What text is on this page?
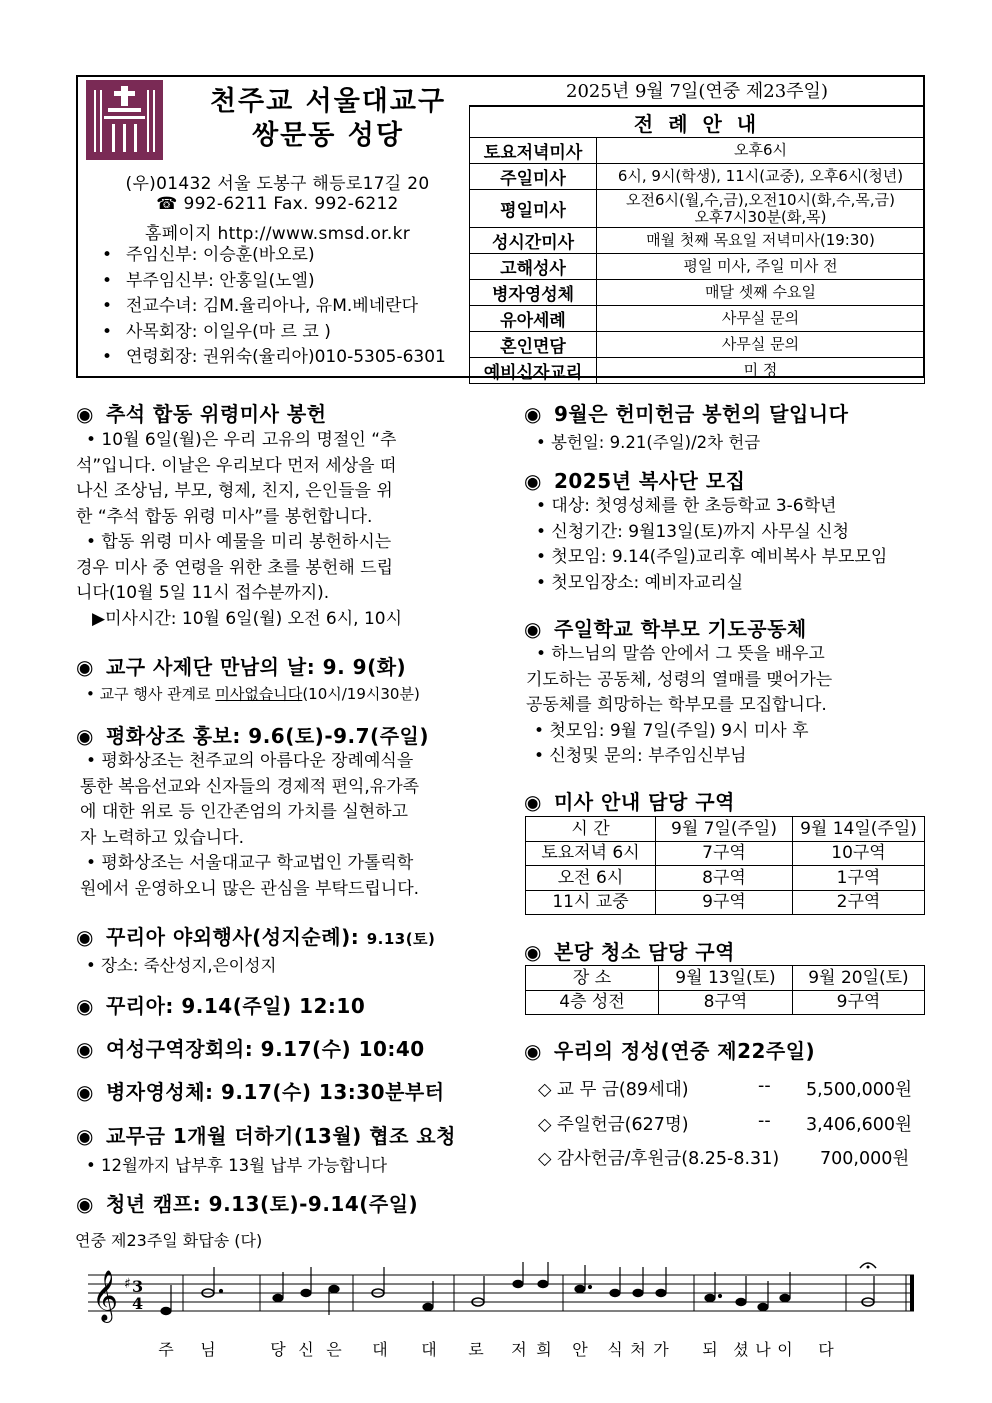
천주교 서울대교구
쌍문동 성당
(우)01432 서울 도봉구 해등로17길 20
☎ 992-6211 Fax. 992-6212
홈페이지 http://www.smsd.or.kr
• 주임신부: 이승훈(바오로)
• 부주임신부: 안홍일(노엘)
• 전교수녀: 김M.율리아나, 유M.베네란다
• 사목회장: 이일우(마 르 코 )
• 연령회장: 권위숙(율리아)010-5305-6301
2025년 9월 7일(연중 제23주일)
전 례 안 내	
토요저녁미사	오후6시
주일미사	6시, 9시(학생), 11시(교중), 오후6시(청년)
평일미사	오전6시(월,수,금),오전10시(화,수,목,금)
오후7시30분(화,목)

성시간미사	매월 첫째 목요일 저녁미사(19:30)
고해성사	평일 미사, 주일 미사 전
병자영성체	매달 셋째 수요일
유아세례	사무실 문의
혼인면담	사무실 문의
예비신자교리	미 정
◉ 추석 합동 위령미사 봉헌
• 10월 6일(월)은 우리 고유의 명절인 “추
석”입니다. 이날은 우리보다 먼저 세상을 떠
나신 조상님, 부모, 형제, 친지, 은인들을 위
한 “추석 합동 위령 미사”를 봉헌합니다.
• 합동 위령 미사 예물을 미리 봉헌하시는
경우 미사 중 연령을 위한 초를 봉헌해 드립
니다(10월 5일 11시 접수분까지).
▶미사시간: 10월 6일(월) 오전 6시, 10시
◉ 교구 사제단 만남의 날: 9. 9(화)
• 교구 행사 관계로 미사없습니다(10시/19시30분)
◉ 평화상조 홍보: 9.6(토)-9.7(주일)
• 평화상조는 천주교의 아름다운 장례예식을
통한 복음선교와 신자들의 경제적 편익,유가족
에 대한 위로 등 인간존엄의 가치를 실현하고
자 노력하고 있습니다.
• 평화상조는 서울대교구 학교법인 가톨릭학
원에서 운영하오니 많은 관심을 부탁드립니다.
◉ 꾸리아 야외행사(성지순례): 9.13(토)
• 장소: 죽산성지,은이성지
◉ 꾸리아: 9.14(주일) 12:10
◉ 여성구역장회의: 9.17(수) 10:40
◉ 병자영성체: 9.17(수) 13:30분부터
◉ 교무금 1개월 더하기(13월) 협조 요청
• 12월까지 납부후 13월 납부 가능합니다
◉ 청년 캠프: 9.13(토)-9.14(주일)
◉ 9월은 헌미헌금 봉헌의 달입니다
• 봉헌일: 9.21(주일)/2차 헌금
◉ 2025년 복사단 모집
• 대상: 첫영성체를 한 초등학교 3-6학년
• 신청기간: 9월13일(토)까지 사무실 신청
• 첫모임: 9.14(주일)교리후 예비복사 부모모임
• 첫모임장소: 예비자교리실
◉ 주일학교 학부모 기도공동체
• 하느님의 말씀 안에서 그 뜻을 배우고
기도하는 공동체, 성령의 열매를 맺어가는
공동체를 희망하는 학부모를 모집합니다.
• 첫모임: 9월 7일(주일) 9시 미사 후
• 신청및 문의: 부주임신부님
◉ 미사 안내 담당 구역
시 간	9월 7일(주일)	9월 14일(주일)
토요저녁 6시	7구역	10구역
오전 6시	8구역	1구역
11시 교중	9구역	2구역
◉ 본당 청소 담당 구역
장 소	9월 13일(토)	9월 20일(토)
4층 성전	8구역	9구역
◉ 우리의 정성(연중 제22주일)
◇ 교 무 금(89세대)	-- 5,500,000원
◇ 주일헌금(627명)	-- 3,406,600원
◇ 감사헌금/후원금(8.25-8.31) 700,000원
연중 제23주일 화답송 (다)
𝄞 ♯ 3
4
주 님	당 신 은 대 대 로 저 희 안 식 처 가 되 셨 나 이 다
